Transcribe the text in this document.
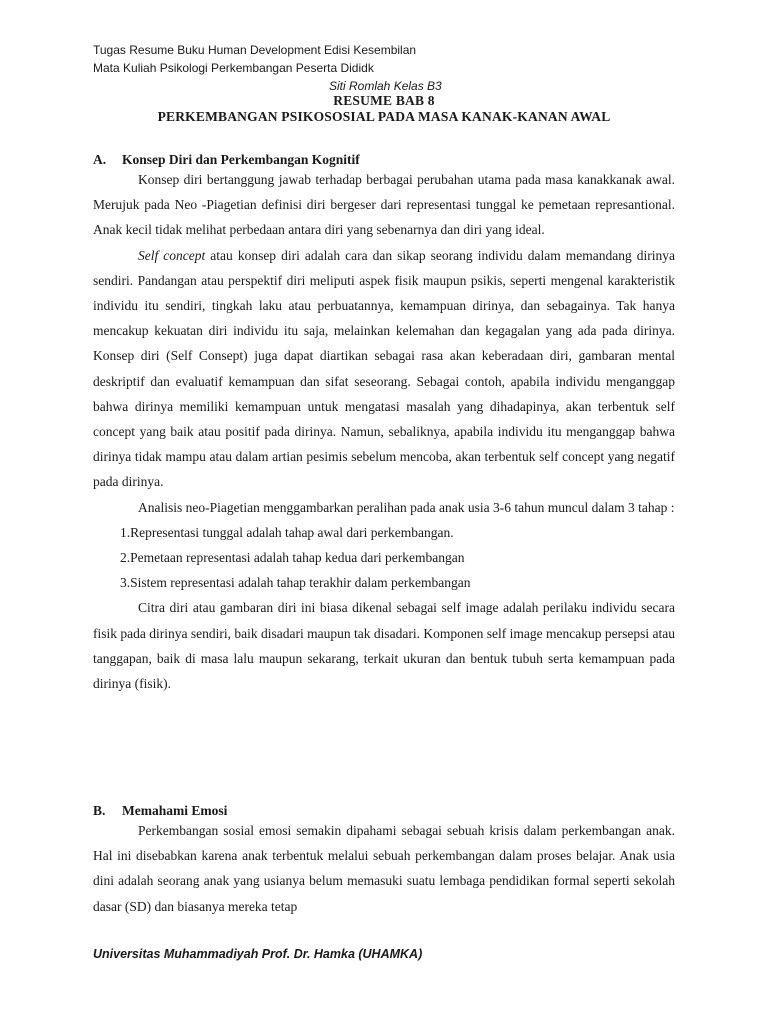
Tugas Resume Buku Human Development Edisi Kesembilan
Mata Kuliah Psikologi Perkembangan Peserta Dididk
Siti Romlah Kelas B3
RESUME BAB 8
PERKEMBANGAN PSIKOSOSIAL PADA MASA KANAK-KANAN AWAL
A. Konsep Diri dan Perkembangan Kognitif

Konsep diri bertanggung jawab terhadap berbagai perubahan utama pada masa kanakkanak awal. Merujuk pada Neo -Piagetian definisi diri bergeser dari representasi tunggal ke pemetaan represantional. Anak kecil tidak melihat perbedaan antara diri yang sebenarnya dan diri yang ideal.

Self concept atau konsep diri adalah cara dan sikap seorang individu dalam memandang dirinya sendiri. Pandangan atau perspektif diri meliputi aspek fisik maupun psikis, seperti mengenal karakteristik individu itu sendiri, tingkah laku atau perbuatannya, kemampuan dirinya, dan sebagainya. Tak hanya mencakup kekuatan diri individu itu saja, melainkan kelemahan dan kegagalan yang ada pada dirinya. Konsep diri (Self Consept) juga dapat diartikan sebagai rasa akan keberadaan diri, gambaran mental deskriptif dan evaluatif kemampuan dan sifat seseorang. Sebagai contoh, apabila individu menganggap bahwa dirinya memiliki kemampuan untuk mengatasi masalah yang dihadapinya, akan terbentuk self concept yang baik atau positif pada dirinya. Namun, sebaliknya, apabila individu itu menganggap bahwa dirinya tidak mampu atau dalam artian pesimis sebelum mencoba, akan terbentuk self concept yang negatif pada dirinya.

Analisis neo-Piagetian menggambarkan peralihan pada anak usia 3-6 tahun muncul dalam 3 tahap :

1.Representasi tunggal adalah tahap awal dari perkembangan.

2.Pemetaan representasi adalah tahap kedua dari perkembangan

3.Sistem representasi adalah tahap terakhir dalam perkembangan

Citra diri atau gambaran diri ini biasa dikenal sebagai self image adalah perilaku individu secara fisik pada dirinya sendiri, baik disadari maupun tak disadari. Komponen self image mencakup persepsi atau tanggapan, baik di masa lalu maupun sekarang, terkait ukuran dan bentuk tubuh serta kemampuan pada dirinya (fisik).

B. Memahami Emosi

Perkembangan sosial emosi semakin dipahami sebagai sebuah krisis dalam perkembangan anak. Hal ini disebabkan karena anak terbentuk melalui sebuah perkembangan dalam proses belajar. Anak usia dini adalah seorang anak yang usianya belum memasuki suatu lembaga pendidikan formal seperti sekolah dasar (SD) dan biasanya mereka tetap

Universitas Muhammadiyah Prof. Dr. Hamka (UHAMKA)
